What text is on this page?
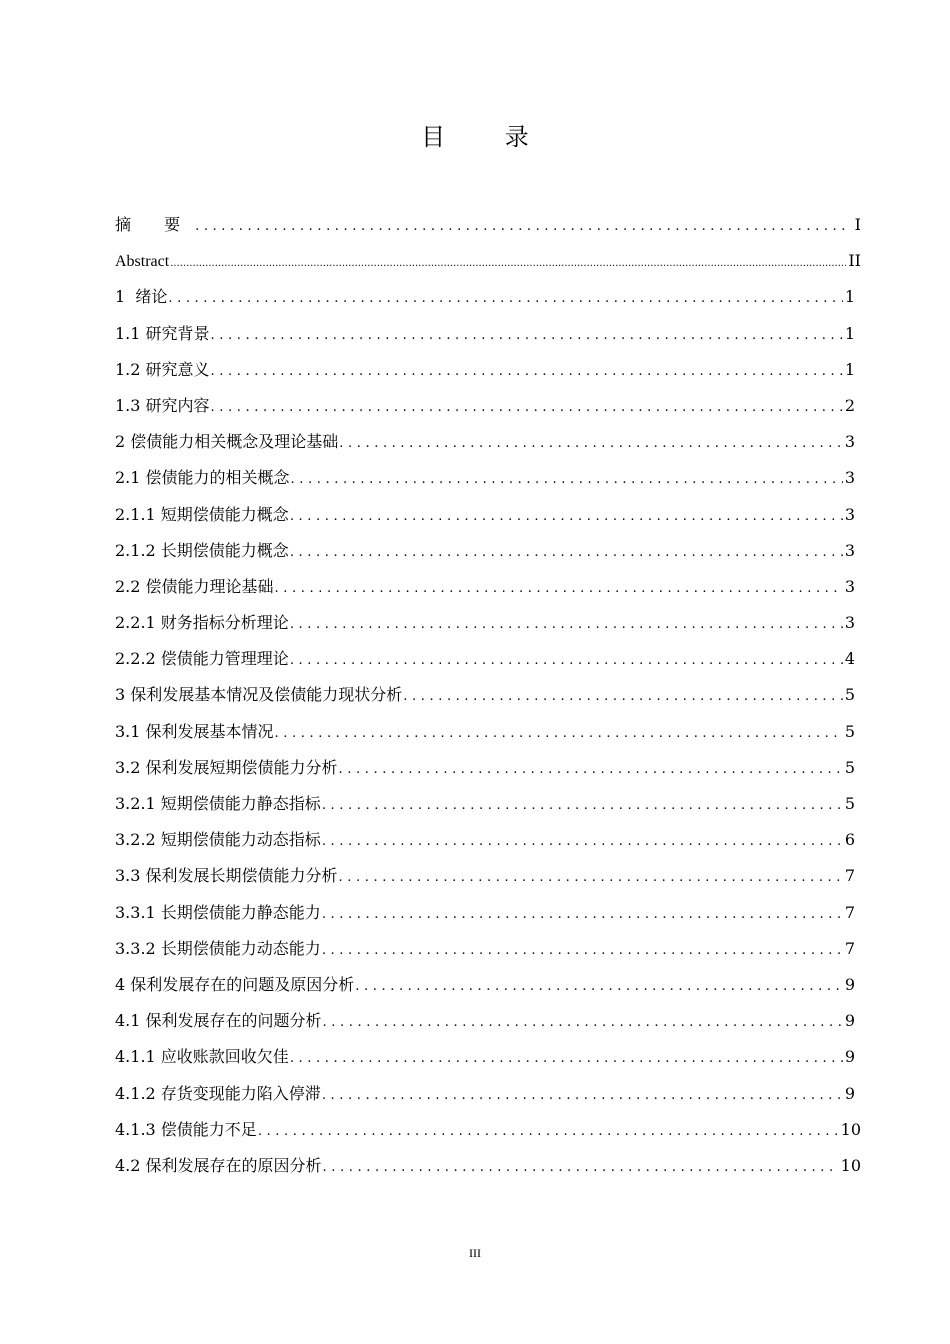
目 录
摘 要 .....	I
Abstract .....	II
1  绪论 .....	1
1.1 研究背景 .....	1
1.2 研究意义 .....	1
1.3 研究内容 .....	2
2 偿债能力相关概念及理论基础 .....	3
2.1 偿债能力的相关概念 .....	3
2.1.1 短期偿债能力概念 .....	3
2.1.2 长期偿债能力概念 .....	3
2.2 偿债能力理论基础 .....	3
2.2.1 财务指标分析理论 .....	3
2.2.2 偿债能力管理理论 .....	4
3 保利发展基本情况及偿债能力现状分析 .....	5
3.1 保利发展基本情况 .....	5
3.2 保利发展短期偿债能力分析 .....	5
3.2.1 短期偿债能力静态指标 .....	5
3.2.2 短期偿债能力动态指标 .....	6
3.3 保利发展长期偿债能力分析 .....	7
3.3.1 长期偿债能力静态能力 .....	7
3.3.2 长期偿债能力动态能力 .....	7
4 保利发展存在的问题及原因分析 .....	9
4.1 保利发展存在的问题分析 .....	9
4.1.1 应收账款回收欠佳 .....	9
4.1.2 存货变现能力陷入停滞 .....	9
4.1.3 偿债能力不足 .....	10
4.2 保利发展存在的原因分析 .....	10
III
